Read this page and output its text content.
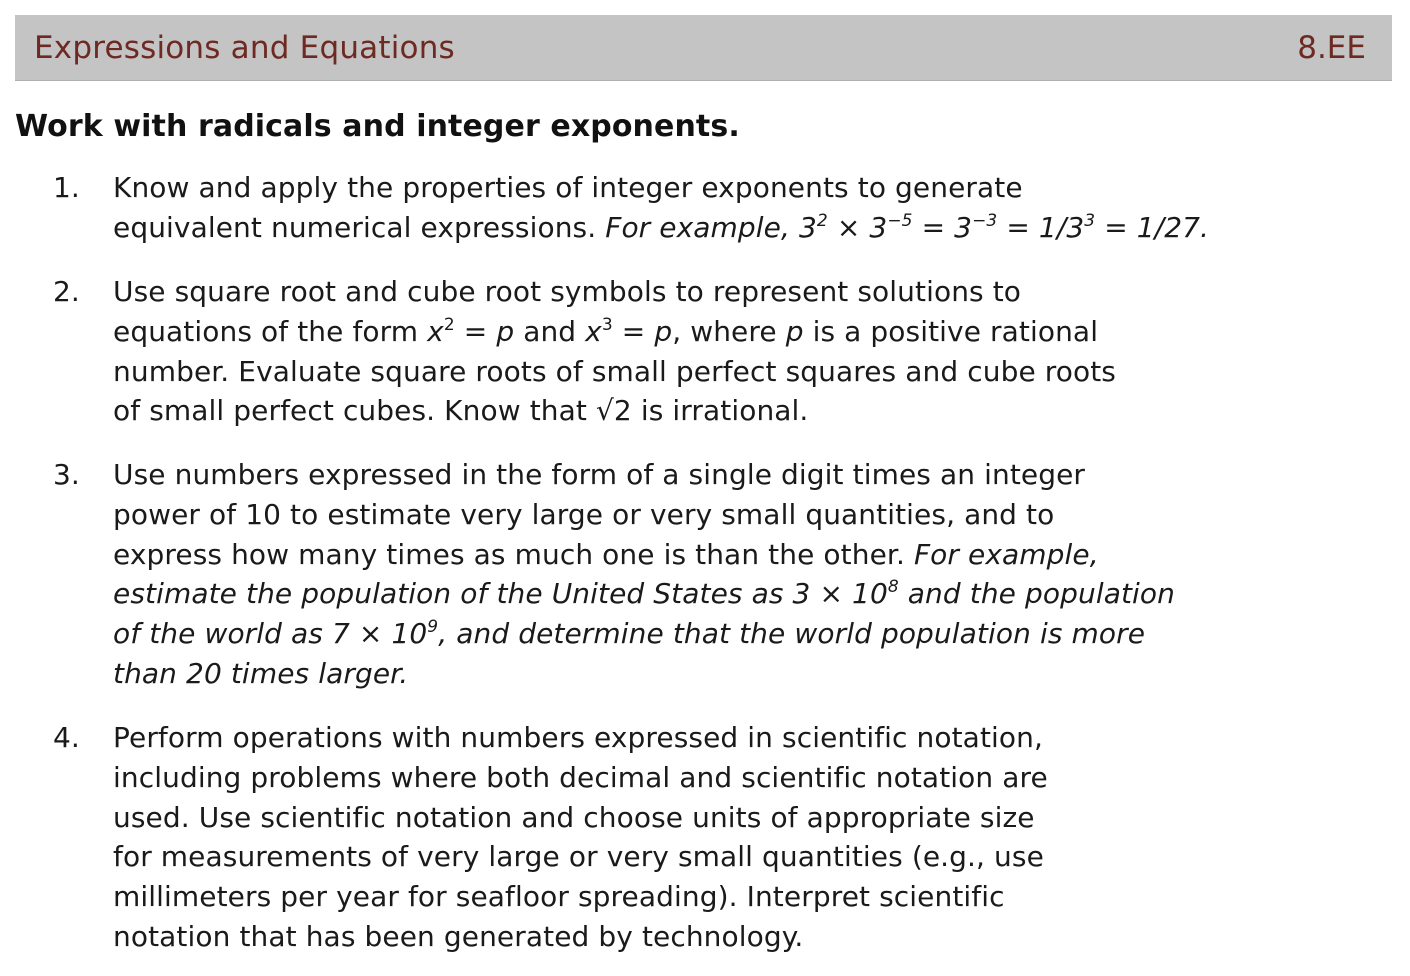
Expressions and Equations	8.EE
Work with radicals and integer exponents.
1. Know and apply the properties of integer exponents to generate
equivalent numerical expressions. For example, $3^2 \times 3^{-5} = 3^{-3} = 1/3^3 = 1/27$.
2. Use square root and cube root symbols to represent solutions to
equations of the form $x^2 = p$ and $x^3 = p$, where p is a positive rational
number. Evaluate square roots of small perfect squares and cube roots
of small perfect cubes. Know that √2 is irrational.
3. Use numbers expressed in the form of a single digit times an integer
power of 10 to estimate very large or very small quantities, and to
express how many times as much one is than the other. For example,
estimate the population of the United States as $3 \times 10^8$ and the population
of the world as $7 \times 10^9$, and determine that the world population is more
than 20 times larger.
4. Perform operations with numbers expressed in scientific notation,
including problems where both decimal and scientific notation are
used. Use scientific notation and choose units of appropriate size
for measurements of very large or very small quantities (e.g., use
millimeters per year for seafloor spreading). Interpret scientific
notation that has been generated by technology.
